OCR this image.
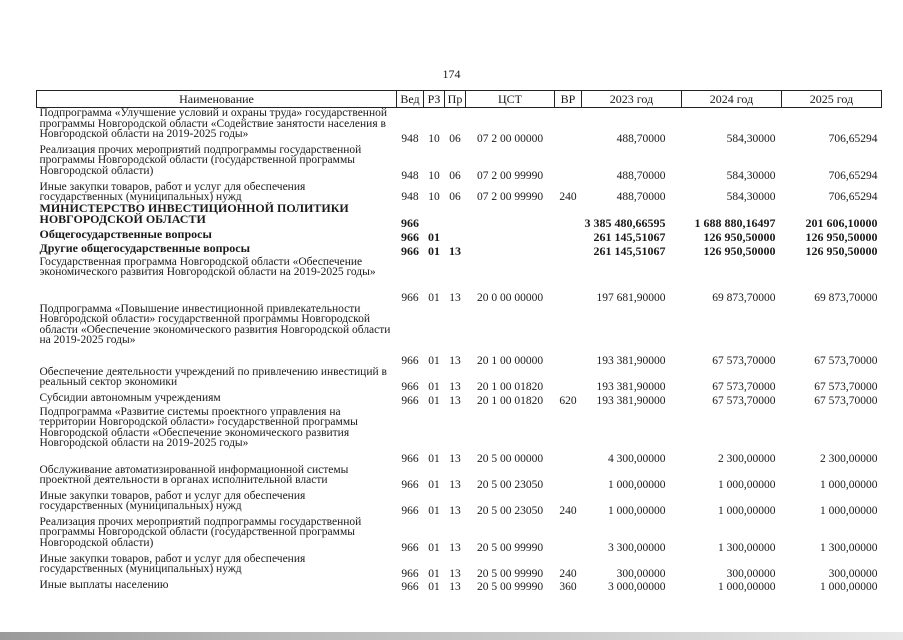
174
Наименование	Вед	РЗ	Пр	ЦСТ	ВР	2023 год	2024 год	2025 год
Подпрограмма «Улучшение условий и охраны труда» государственной программы Новгородской области «Содействие занятости населения в Новгородской области на 2019-2025 годы»	948	10	06	07 2 00 00000		488,70000	584,30000	706,65294
Реализация прочих мероприятий подпрограммы государственной программы Новгородской области (государственной программы Новгородской области)	948	10	06	07 2 00 99990		488,70000	584,30000	706,65294
Иные закупки товаров, работ и услуг для обеспечения государственных (муниципальных) нужд	948	10	06	07 2 00 99990	240	488,70000	584,30000	706,65294
МИНИСТЕРСТВО ИНВЕСТИЦИОННОЙ ПОЛИТИКИ НОВГОРОДСКОЙ ОБЛАСТИ	966					3 385 480,66595	1 688 880,16497	201 606,10000
Общегосударственные вопросы	966	01				261 145,51067	126 950,50000	126 950,50000
Другие общегосударственные вопросы	966	01	13			261 145,51067	126 950,50000	126 950,50000
Государственная программа Новгородской области «Обеспечение экономического развития Новгородской области на 2019-2025 годы»	966	01	13	20 0 00 00000		197 681,90000	69 873,70000	69 873,70000
Подпрограмма «Повышение инвестиционной привлекательности Новгородской области» государственной программы Новгородской области «Обеспечение экономического развития Новгородской области на 2019-2025 годы»	966	01	13	20 1 00 00000		193 381,90000	67 573,70000	67 573,70000
Обеспечение деятельности учреждений по привлечению инвестиций в реальный сектор экономики	966	01	13	20 1 00 01820		193 381,90000	67 573,70000	67 573,70000
Субсидии автономным учреждениям	966	01	13	20 1 00 01820	620	193 381,90000	67 573,70000	67 573,70000
Подпрограмма «Развитие системы проектного управления на территории Новгородской области» государственной программы Новгородской области «Обеспечение экономического развития Новгородской области на 2019-2025 годы»	966	01	13	20 5 00 00000		4 300,00000	2 300,00000	2 300,00000
Обслуживание автоматизированной информационной системы проектной деятельности в органах исполнительной власти	966	01	13	20 5 00 23050		1 000,00000	1 000,00000	1 000,00000
Иные закупки товаров, работ и услуг для обеспечения государственных (муниципальных) нужд	966	01	13	20 5 00 23050	240	1 000,00000	1 000,00000	1 000,00000
Реализация прочих мероприятий подпрограммы государственной программы Новгородской области (государственной программы Новгородской области)	966	01	13	20 5 00 99990		3 300,00000	1 300,00000	1 300,00000
Иные закупки товаров, работ и услуг для обеспечения государственных (муниципальных) нужд	966	01	13	20 5 00 99990	240	300,00000	300,00000	300,00000
Иные выплаты населению	966	01	13	20 5 00 99990	360	3 000,00000	1 000,00000	1 000,00000
